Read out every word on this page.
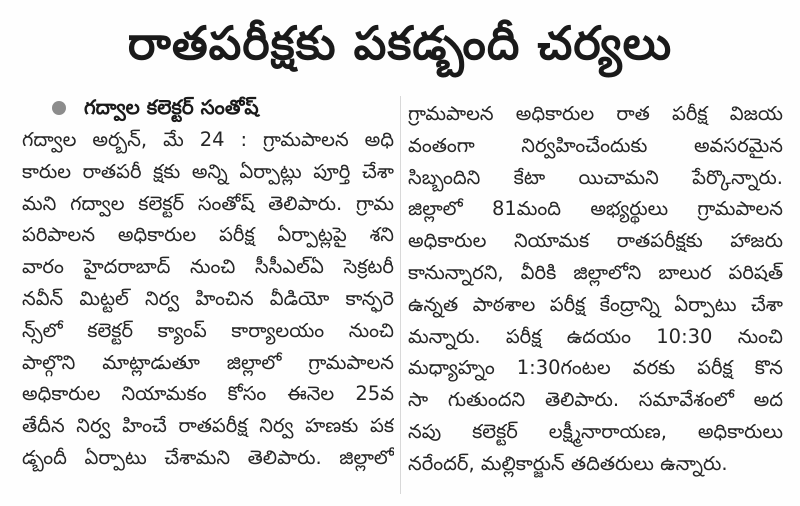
రాతపరీక్షకు పకడ్బందీ చర్యలు
గద్వాల కలెక్టర్ సంతోష్
గద్వాల అర్బన్, మే 24 : గ్రామపాలన అధి
కారుల రాతపరీ క్షకు అన్ని ఏర్పాట్లు పూర్తి చేశా
మని గద్వాల కలెక్టర్ సంతోష్ తెలిపారు. గ్రామ
పరిపాలన అధికారుల పరీక్ష ఏర్పాట్లపై శని
వారం హైదరాబాద్ నుంచి సీసీఎల్ఏ సెక్రటరీ
నవీన్ మిట్టల్ నిర్వ హించిన వీడియో కాన్ఫరె
న్స్‌లో కలెక్టర్ క్యాంప్ కార్యాలయం నుంచి
పాల్గొని మాట్లాడుతూ జిల్లాలో గ్రామపాలన
అధికారుల నియామకం కోసం ఈనెల 25వ
తేదీన నిర్వ హించే రాతపరీక్ష నిర్వ హణకు పక
డ్బందీ ఏర్పాటు చేశామని తెలిపారు. జిల్లాలో
గ్రామపాలన అధికారుల రాత పరీక్ష విజయ
వంతంగా నిర్వహించేందుకు అవసరమైన
సిబ్బందిని కేటా యిచామని పేర్కొన్నారు.
జిల్లాలో 81మంది అభ్యర్థులు గ్రామపాలన
అధికారుల నియామక రాతపరీక్షకు హాజరు
కానున్నారని, వీరికి జిల్లాలోని బాలుర పరిషత్
ఉన్నత పాఠశాల పరీక్ష కేంద్రాన్ని ఏర్పాటు చేశా
మన్నారు. పరీక్ష ఉదయం 10:30 నుంచి
మధ్యాహ్నం 1:30గంటల వరకు పరీక్ష కొన
సా గుతుందని తెలిపారు. సమావేశంలో అద
నపు కలెక్టర్ లక్ష్మీనారాయణ, అధికారులు
నరేందర్, మల్లికార్జున్ తదితరులు ఉన్నారు.
